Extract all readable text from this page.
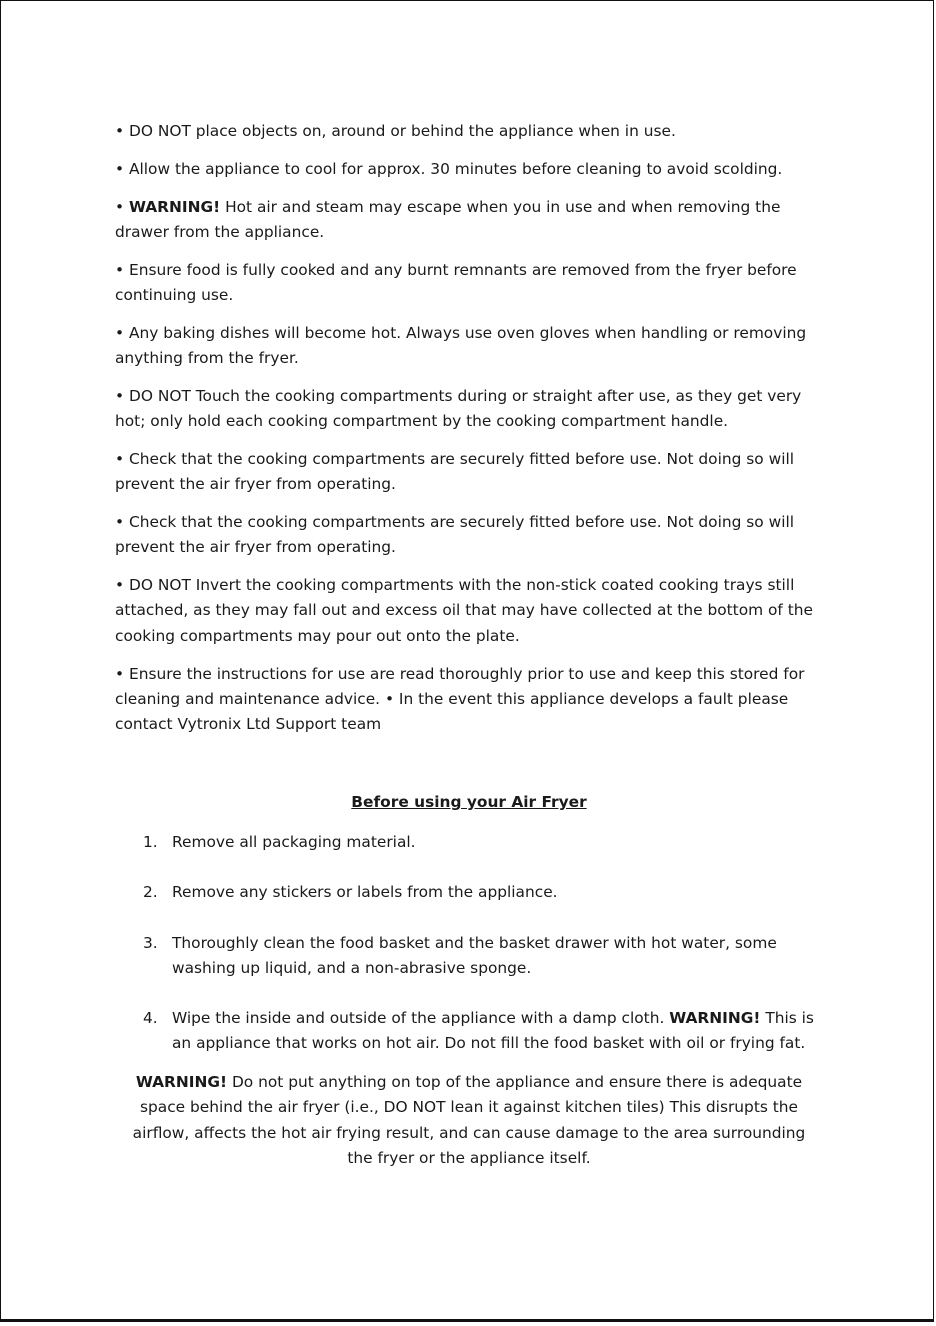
• DO NOT place objects on, around or behind the appliance when in use.

• Allow the appliance to cool for approx. 30 minutes before cleaning to avoid scolding.

• WARNING! Hot air and steam may escape when you in use and when removing the drawer from the appliance.

• Ensure food is fully cooked and any burnt remnants are removed from the fryer before continuing use.

• Any baking dishes will become hot. Always use oven gloves when handling or removing anything from the fryer.

• DO NOT Touch the cooking compartments during or straight after use, as they get very hot; only hold each cooking compartment by the cooking compartment handle.

• Check that the cooking compartments are securely fitted before use. Not doing so will prevent the air fryer from operating.

• Check that the cooking compartments are securely fitted before use. Not doing so will prevent the air fryer from operating.

• DO NOT Invert the cooking compartments with the non-stick coated cooking trays still attached, as they may fall out and excess oil that may have collected at the bottom of the cooking compartments may pour out onto the plate.

• Ensure the instructions for use are read thoroughly prior to use and keep this stored for cleaning and maintenance advice. • In the event this appliance develops a fault please contact Vytronix Ltd Support team

Before using your Air Fryer
1. Remove all packaging material.
2. Remove any stickers or labels from the appliance.
3. Thoroughly clean the food basket and the basket drawer with hot water, some washing up liquid, and a non-abrasive sponge.
4. Wipe the inside and outside of the appliance with a damp cloth. WARNING! This is an appliance that works on hot air. Do not fill the food basket with oil or frying fat.

WARNING! Do not put anything on top of the appliance and ensure there is adequate space behind the air fryer (i.e., DO NOT lean it against kitchen tiles) This disrupts the airflow, affects the hot air frying result, and can cause damage to the area surrounding the fryer or the appliance itself.
